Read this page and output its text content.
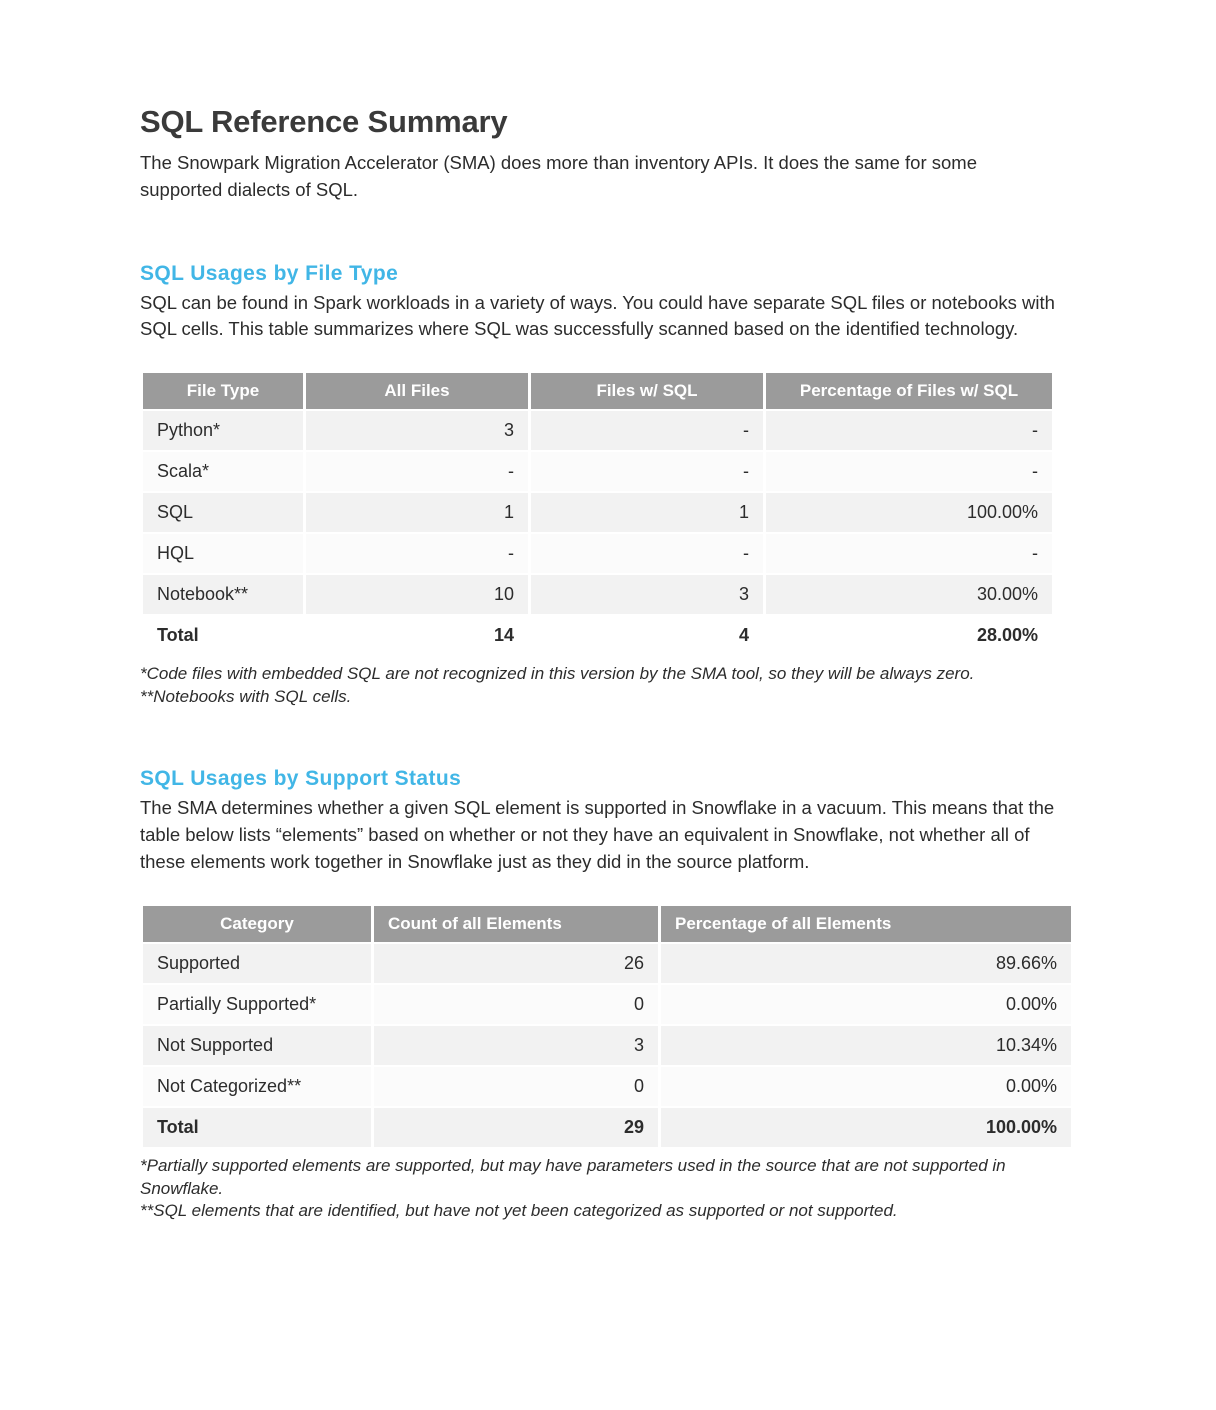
SQL Reference Summary

The Snowpark Migration Accelerator (SMA) does more than inventory APIs. It does the same for some supported dialects of SQL.

SQL Usages by File Type

SQL can be found in Spark workloads in a variety of ways. You could have separate SQL files or notebooks with SQL cells. This table summarizes where SQL was successfully scanned based on the identified technology.

File Type	All Files	Files w/ SQL	Percentage of Files w/ SQL
Python*	3	-	-
Scala*	-	-	-
SQL	1	1	100.00%
HQL	-	-	-
Notebook**	10	3	30.00%
Total	14	4	28.00%
*Code files with embedded SQL are not recognized in this version by the SMA tool, so they will be always zero.
**Notebooks with SQL cells.
SQL Usages by Support Status

The SMA determines whether a given SQL element is supported in Snowflake in a vacuum. This means that the table below lists “elements” based on whether or not they have an equivalent in Snowflake, not whether all of these elements work together in Snowflake just as they did in the source platform.

Category	Count of all Elements	Percentage of all Elements
Supported	26	89.66%
Partially Supported*	0	0.00%
Not Supported	3	10.34%
Not Categorized**	0	0.00%
Total	29	100.00%
*Partially supported elements are supported, but may have parameters used in the source that are not supported in Snowflake.
**SQL elements that are identified, but have not yet been categorized as supported or not supported.
